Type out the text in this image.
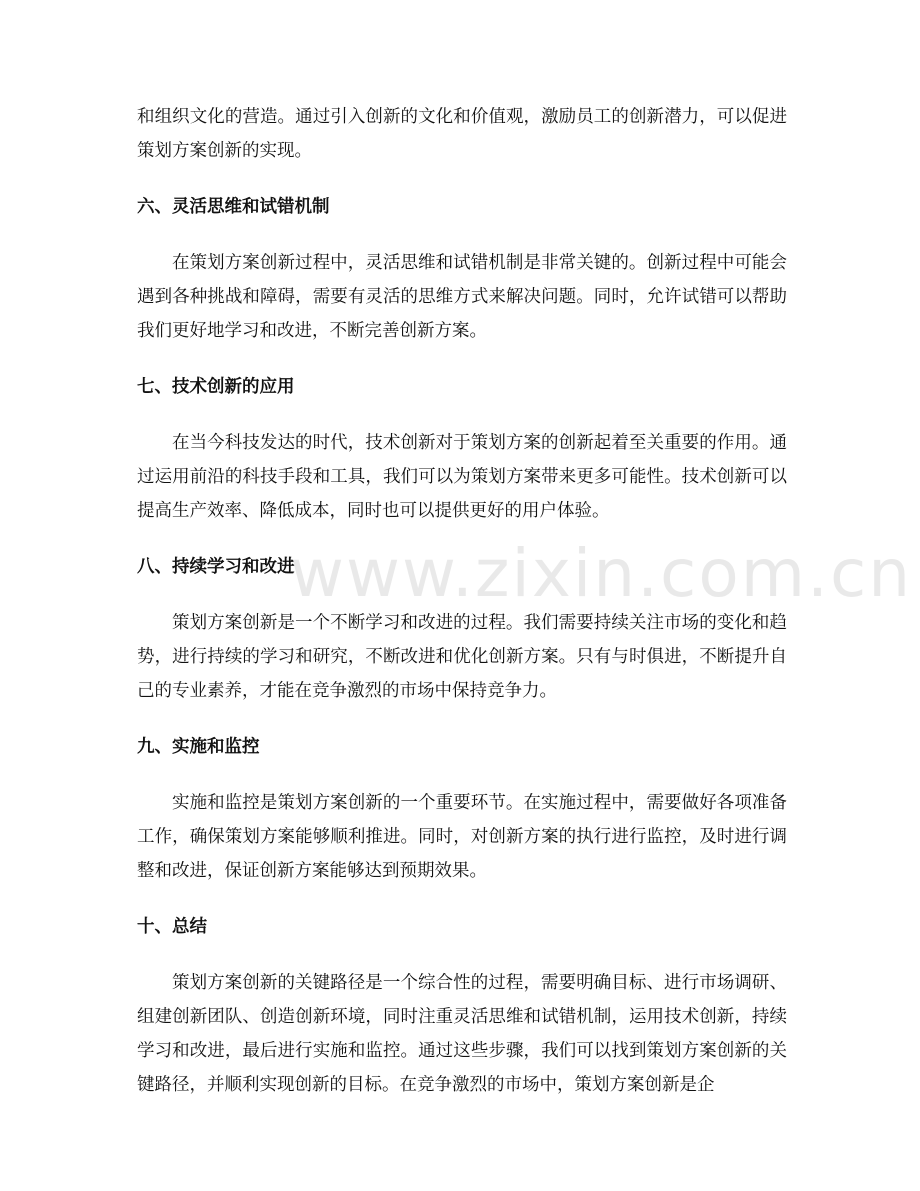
和组织文化的营造。通过引入创新的文化和价值观，激励员工的创新潜力，可以促进策划方案创新的实现。

六、灵活思维和试错机制

在策划方案创新过程中，灵活思维和试错机制是非常关键的。创新过程中可能会遇到各种挑战和障碍，需要有灵活的思维方式来解决问题。同时，允许试错可以帮助我们更好地学习和改进，不断完善创新方案。

七、技术创新的应用

在当今科技发达的时代，技术创新对于策划方案的创新起着至关重要的作用。通过运用前沿的科技手段和工具，我们可以为策划方案带来更多可能性。技术创新可以提高生产效率、降低成本，同时也可以提供更好的用户体验。

八、持续学习和改进

策划方案创新是一个不断学习和改进的过程。我们需要持续关注市场的变化和趋势，进行持续的学习和研究，不断改进和优化创新方案。只有与时俱进，不断提升自己的专业素养，才能在竞争激烈的市场中保持竞争力。

九、实施和监控

实施和监控是策划方案创新的一个重要环节。在实施过程中，需要做好各项准备工作，确保策划方案能够顺利推进。同时，对创新方案的执行进行监控，及时进行调整和改进，保证创新方案能够达到预期效果。

十、总结

策划方案创新的关键路径是一个综合性的过程，需要明确目标、进行市场调研、组建创新团队、创造创新环境，同时注重灵活思维和试错机制，运用技术创新，持续学习和改进，最后进行实施和监控。通过这些步骤，我们可以找到策划方案创新的关键路径，并顺利实现创新的目标。在竞争激烈的市场中，策划方案创新是企

www.zixin.com.cn
